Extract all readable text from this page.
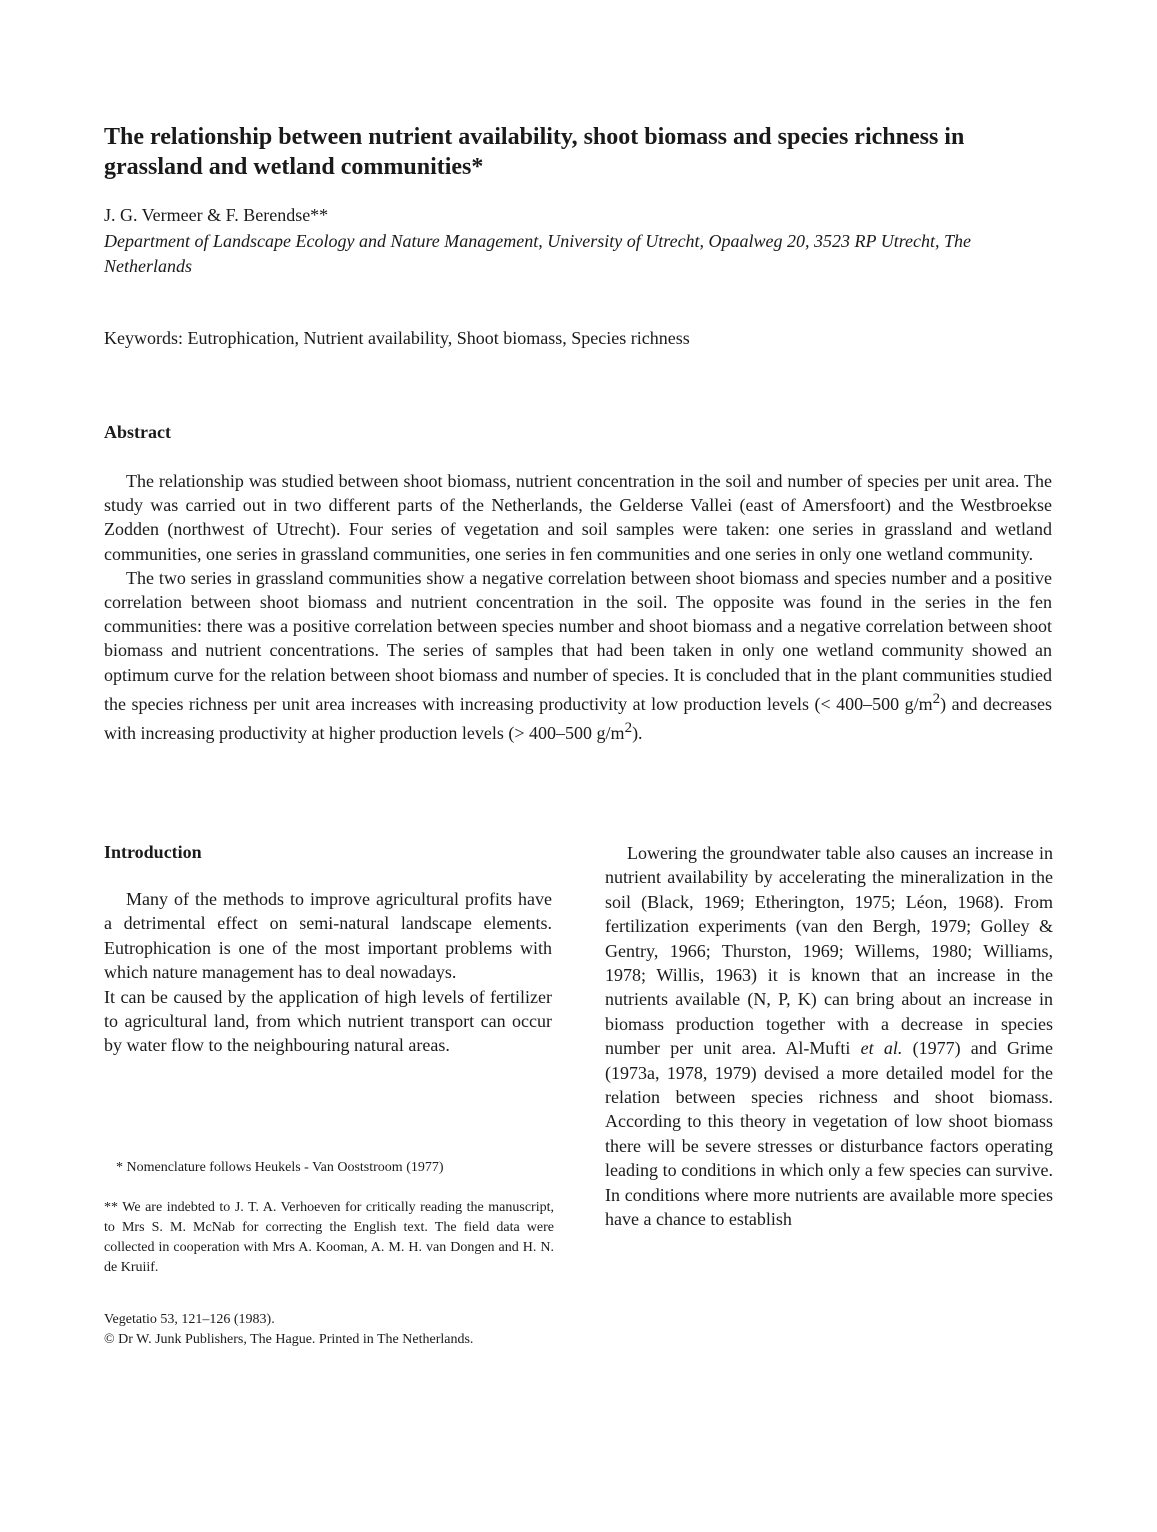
The relationship between nutrient availability, shoot biomass and species richness in grassland and wetland communities*

J. G. Vermeer & F. Berendse**

Department of Landscape Ecology and Nature Management, University of Utrecht, Opaalweg 20, 3523 RP Utrecht, The Netherlands

Keywords: Eutrophication, Nutrient availability, Shoot biomass, Species richness

Abstract

The relationship was studied between shoot biomass, nutrient concentration in the soil and number of species per unit area. The study was carried out in two different parts of the Netherlands, the Gelderse Vallei (east of Amersfoort) and the Westbroekse Zodden (northwest of Utrecht). Four series of vegetation and soil samples were taken: one series in grassland and wetland communities, one series in grassland communities, one series in fen communities and one series in only one wetland community.

The two series in grassland communities show a negative correlation between shoot biomass and species number and a positive correlation between shoot biomass and nutrient concentration in the soil. The opposite was found in the series in the fen communities: there was a positive correlation between species number and shoot biomass and a negative correlation between shoot biomass and nutrient concentrations. The series of samples that had been taken in only one wetland community showed an optimum curve for the relation between shoot biomass and number of species. It is concluded that in the plant communities studied the species richness per unit area increases with increasing productivity at low production levels (< 400–500 $g/m^2$) and decreases with increasing productivity at higher production levels (> 400–500 $g/m^2$).

Introduction

Many of the methods to improve agricultural profits have a detrimental effect on semi-natural landscape elements. Eutrophication is one of the most important problems with which nature management has to deal nowadays.

It can be caused by the application of high levels of fertilizer to agricultural land, from which nutrient transport can occur by water flow to the neighbouring natural areas.

Lowering the groundwater table also causes an increase in nutrient availability by accelerating the mineralization in the soil (Black, 1969; Etherington, 1975; Léon, 1968). From fertilization experiments (van den Bergh, 1979; Golley & Gentry, 1966; Thurston, 1969; Willems, 1980; Williams, 1978; Willis, 1963) it is known that an increase in the nutrients available (N, P, K) can bring about an increase in biomass production together with a decrease in species number per unit area. Al-Mufti et al. (1977) and Grime (1973a, 1978, 1979) devised a more detailed model for the relation between species richness and shoot biomass. According to this theory in vegetation of low shoot biomass there will be severe stresses or disturbance factors operating leading to conditions in which only a few species can survive. In conditions where more nutrients are available more species have a chance to establish

* Nomenclature follows Heukels - Van Ooststroom (1977)

** We are indebted to J. T. A. Verhoeven for critically reading the manuscript, to Mrs S. M. McNab for correcting the English text. The field data were collected in cooperation with Mrs A. Kooman, A. M. H. van Dongen and H. N. de Kruiif.

Vegetatio 53, 121–126 (1983).
© Dr W. Junk Publishers, The Hague. Printed in The Netherlands.
